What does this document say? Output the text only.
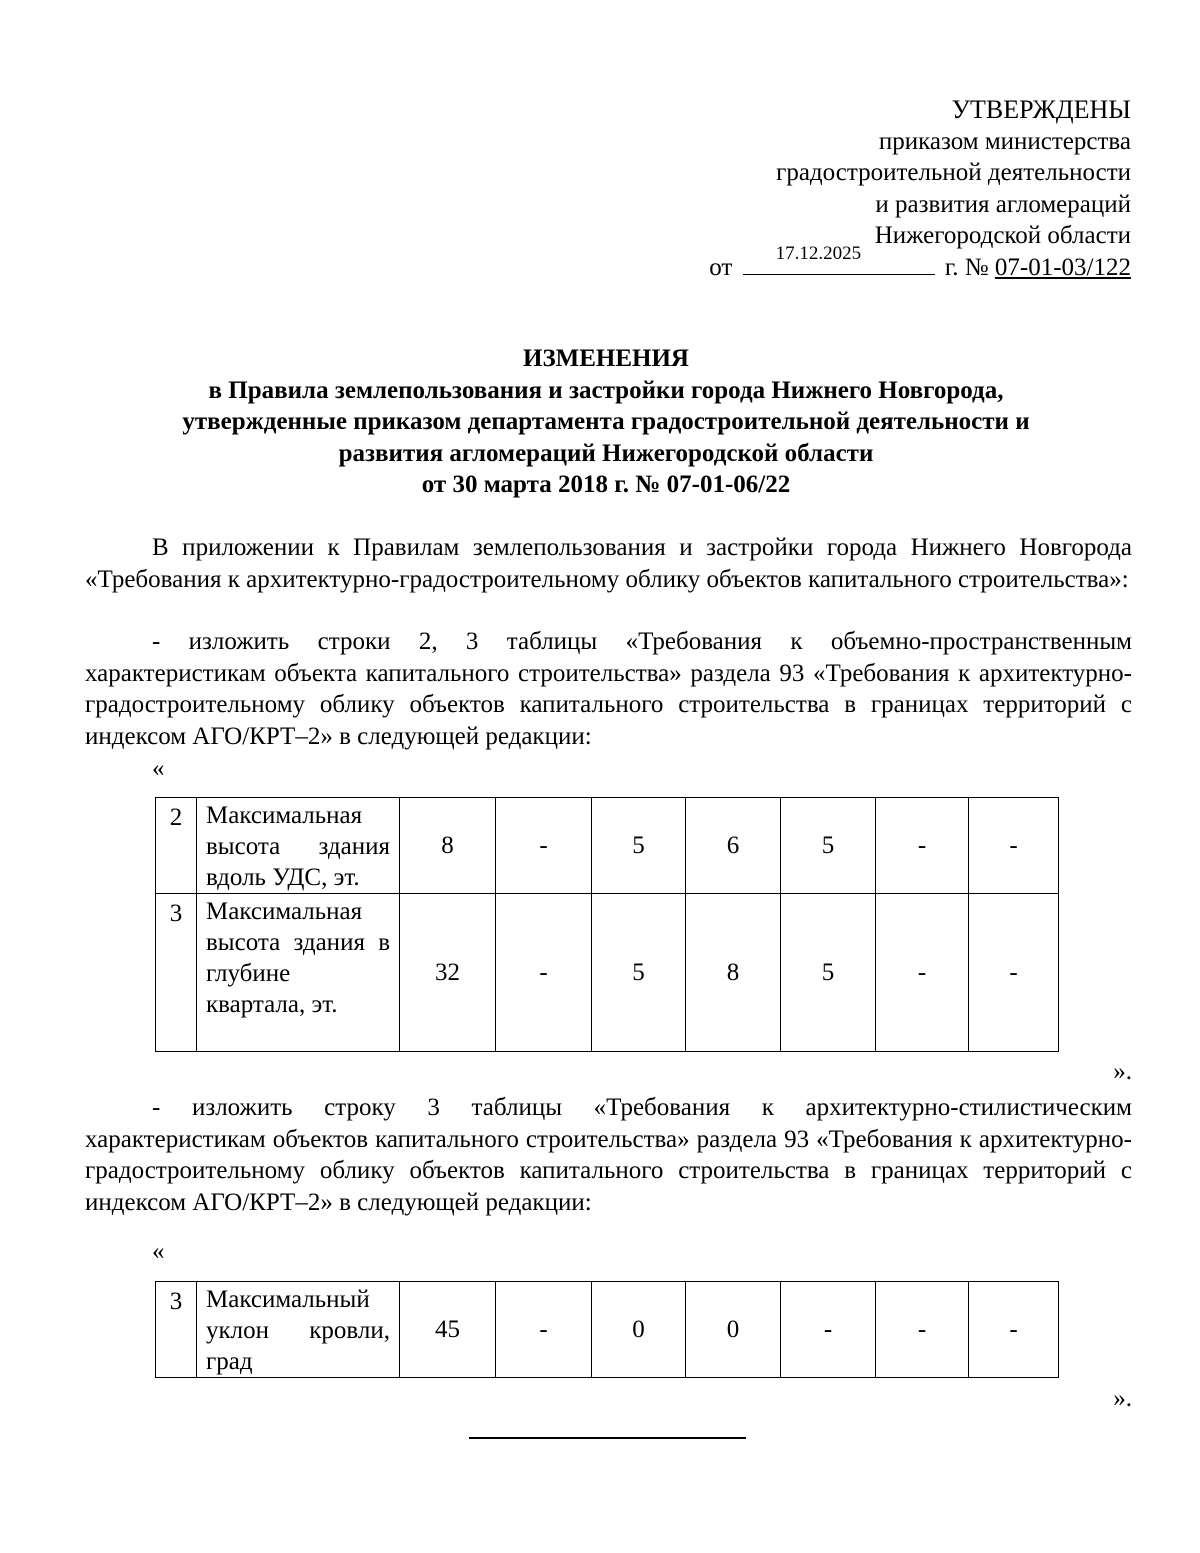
УТВЕРЖДЕНЫ
приказом министерства
градостроительной деятельности
и развития агломераций
Нижегородской области
от
17.12.2025
г. № 07-01-03/122
ИЗМЕНЕНИЯ
в Правила землепользования и застройки города Нижнего Новгорода,
утвержденные приказом департамента градостроительной деятельности и
развития агломераций Нижегородской области
от 30 марта 2018 г. № 07-01-06/22
В приложении к Правилам землепользования и застройки города Нижнего Новгорода «Требования к архитектурно-градостроительному облику объектов капитального строительства»:
- изложить строки 2, 3 таблицы «Требования к объемно-пространственным характеристикам объекта капитального строительства» раздела 93 «Требования к архитектурно-градостроительному облику объектов капитального строительства в границах территорий с индексом АГО/КРТ–2» в следующей редакции:
«
2	Максимальная высота здания вдоль УДС, эт.	8	-	5	6	5	-	-
3	Максимальная высота здания в глубине квартала, эт.	32	-	5	8	5	-	-
».
- изложить строку 3 таблицы «Требования к архитектурно-стилистическим характеристикам объектов капитального строительства» раздела 93 «Требования к архитектурно-градостроительному облику объектов капитального строительства в границах территорий с индексом АГО/КРТ–2» в следующей редакции:
«
3	Максимальный уклон кровли, град	45	-	0	0	-	-	-
».
